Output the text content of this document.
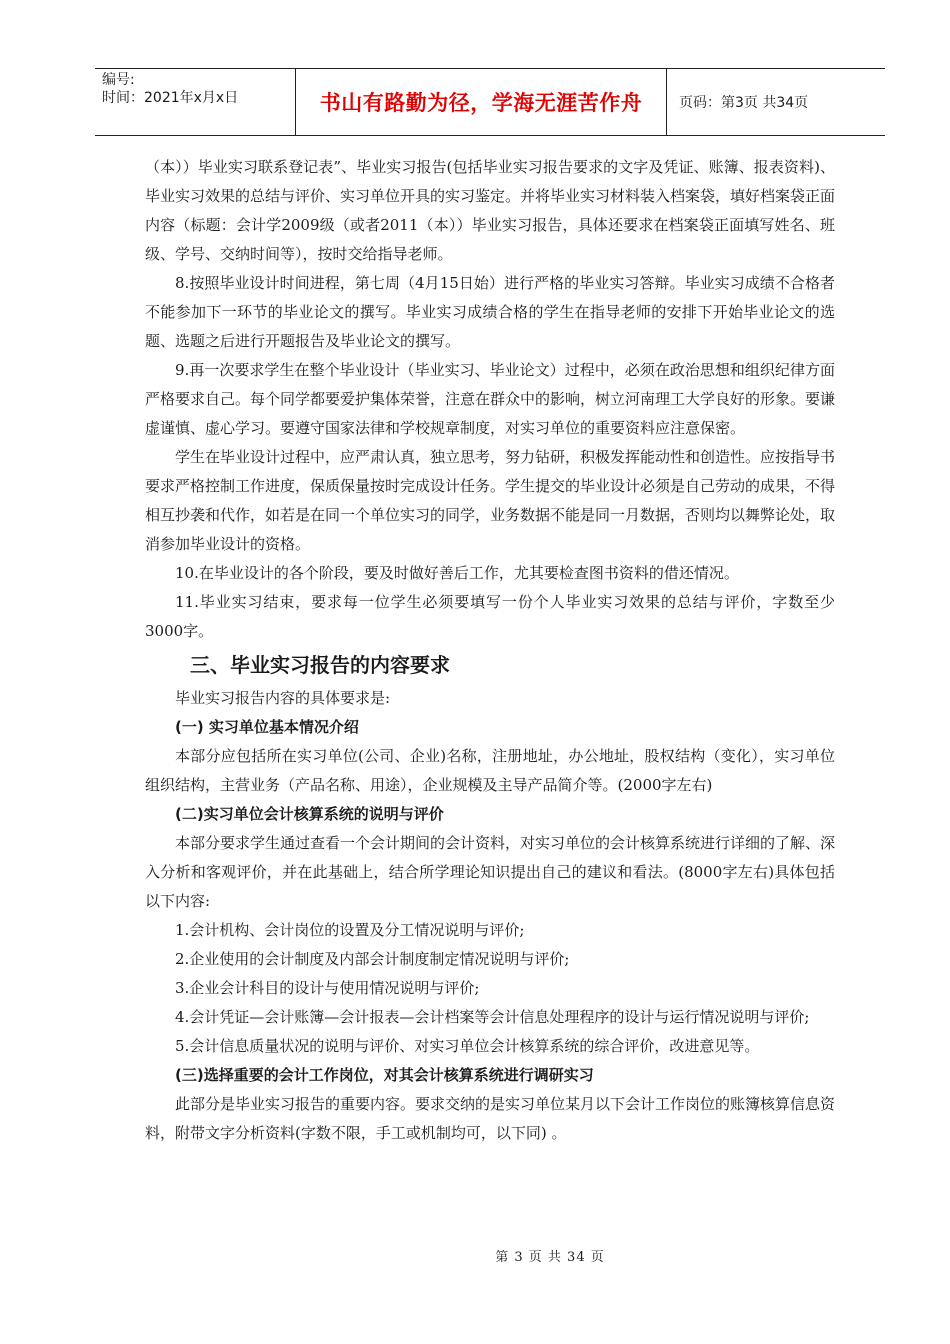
编号:
时间：2021年x月x日	书山有路勤为径，学海无涯苦作舟	页码：第3页 共34页

（本））毕业实习联系登记表”、毕业实习报告(包括毕业实习报告要求的文字及凭证、账簿、报表资料)、毕业实习效果的总结与评价、实习单位开具的实习鉴定。并将毕业实习材料装入档案袋，填好档案袋正面内容（标题：会计学2009级（或者2011（本））毕业实习报告，具体还要求在档案袋正面填写姓名、班级、学号、交纳时间等），按时交给指导老师。

8.按照毕业设计时间进程，第七周（4月15日始）进行严格的毕业实习答辩。毕业实习成绩不合格者不能参加下一环节的毕业论文的撰写。毕业实习成绩合格的学生在指导老师的安排下开始毕业论文的选题、选题之后进行开题报告及毕业论文的撰写。

9.再一次要求学生在整个毕业设计（毕业实习、毕业论文）过程中，必须在政治思想和组织纪律方面严格要求自己。每个同学都要爱护集体荣誉，注意在群众中的影响，树立河南理工大学良好的形象。要谦虚谨慎、虚心学习。要遵守国家法律和学校规章制度，对实习单位的重要资料应注意保密。

学生在毕业设计过程中，应严肃认真，独立思考，努力钻研，积极发挥能动性和创造性。应按指导书要求严格控制工作进度，保质保量按时完成设计任务。学生提交的毕业设计必须是自己劳动的成果，不得相互抄袭和代作，如若是在同一个单位实习的同学，业务数据不能是同一月数据，否则均以舞弊论处，取消参加毕业设计的资格。

10.在毕业设计的各个阶段，要及时做好善后工作，尤其要检查图书资料的借还情况。

11.毕业实习结束，要求每一位学生必须要填写一份个人毕业实习效果的总结与评价，字数至少3000字。

三、毕业实习报告的内容要求

毕业实习报告内容的具体要求是:

(一) 实习单位基本情况介绍

本部分应包括所在实习单位(公司、企业)名称，注册地址，办公地址，股权结构（变化），实习单位组织结构，主营业务（产品名称、用途），企业规模及主导产品简介等。(2000字左右)

(二)实习单位会计核算系统的说明与评价

本部分要求学生通过查看一个会计期间的会计资料，对实习单位的会计核算系统进行详细的了解、深入分析和客观评价，并在此基础上，结合所学理论知识提出自己的建议和看法。(8000字左右)具体包括以下内容:

1.会计机构、会计岗位的设置及分工情况说明与评价;

2.企业使用的会计制度及内部会计制度制定情况说明与评价;

3.企业会计科目的设计与使用情况说明与评价;

4.会计凭证—会计账簿—会计报表—会计档案等会计信息处理程序的设计与运行情况说明与评价;

5.会计信息质量状况的说明与评价、对实习单位会计核算系统的综合评价，改进意见等。

(三)选择重要的会计工作岗位，对其会计核算系统进行调研实习

此部分是毕业实习报告的重要内容。要求交纳的是实习单位某月以下会计工作岗位的账簿核算信息资料，附带文字分析资料(字数不限，手工或机制均可，以下同) 。

第 3 页 共 34 页
